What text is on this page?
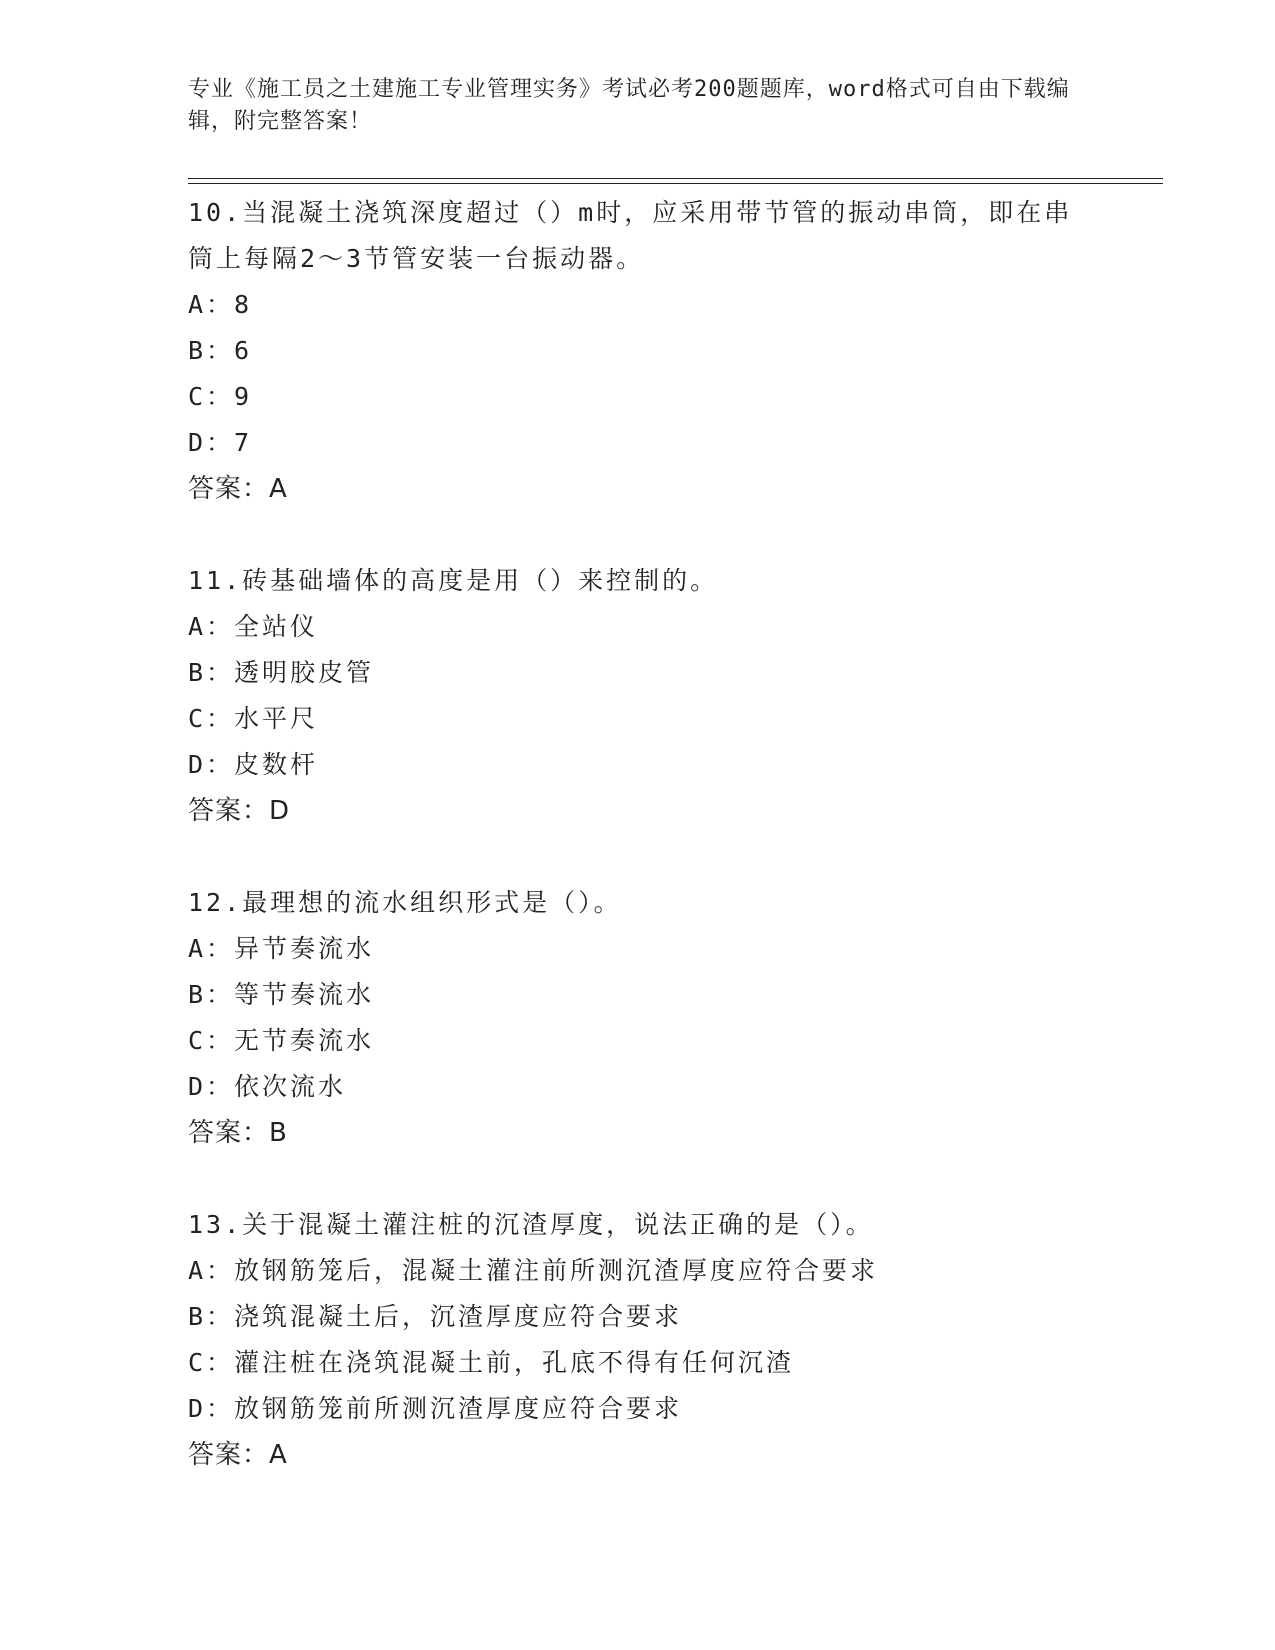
专业《施工员之土建施工专业管理实务》考试必考200题题库，word格式可自由下载编辑，附完整答案！

10.当混凝土浇筑深度超过（）m时，应采用带节管的振动串筒，即在串筒上每隔2～3节管安装一台振动器。

A：8

B：6

C：9

D：7

答案：A

11.砖基础墙体的高度是用（）来控制的。

A：全站仪

B：透明胶皮管

C：水平尺

D：皮数杆

答案：D

12.最理想的流水组织形式是（）。

A：异节奏流水

B：等节奏流水

C：无节奏流水

D：依次流水

答案：B

13.关于混凝土灌注桩的沉渣厚度，说法正确的是（）。

A：放钢筋笼后，混凝土灌注前所测沉渣厚度应符合要求

B：浇筑混凝土后，沉渣厚度应符合要求

C：灌注桩在浇筑混凝土前，孔底不得有任何沉渣

D：放钢筋笼前所测沉渣厚度应符合要求

答案：A
